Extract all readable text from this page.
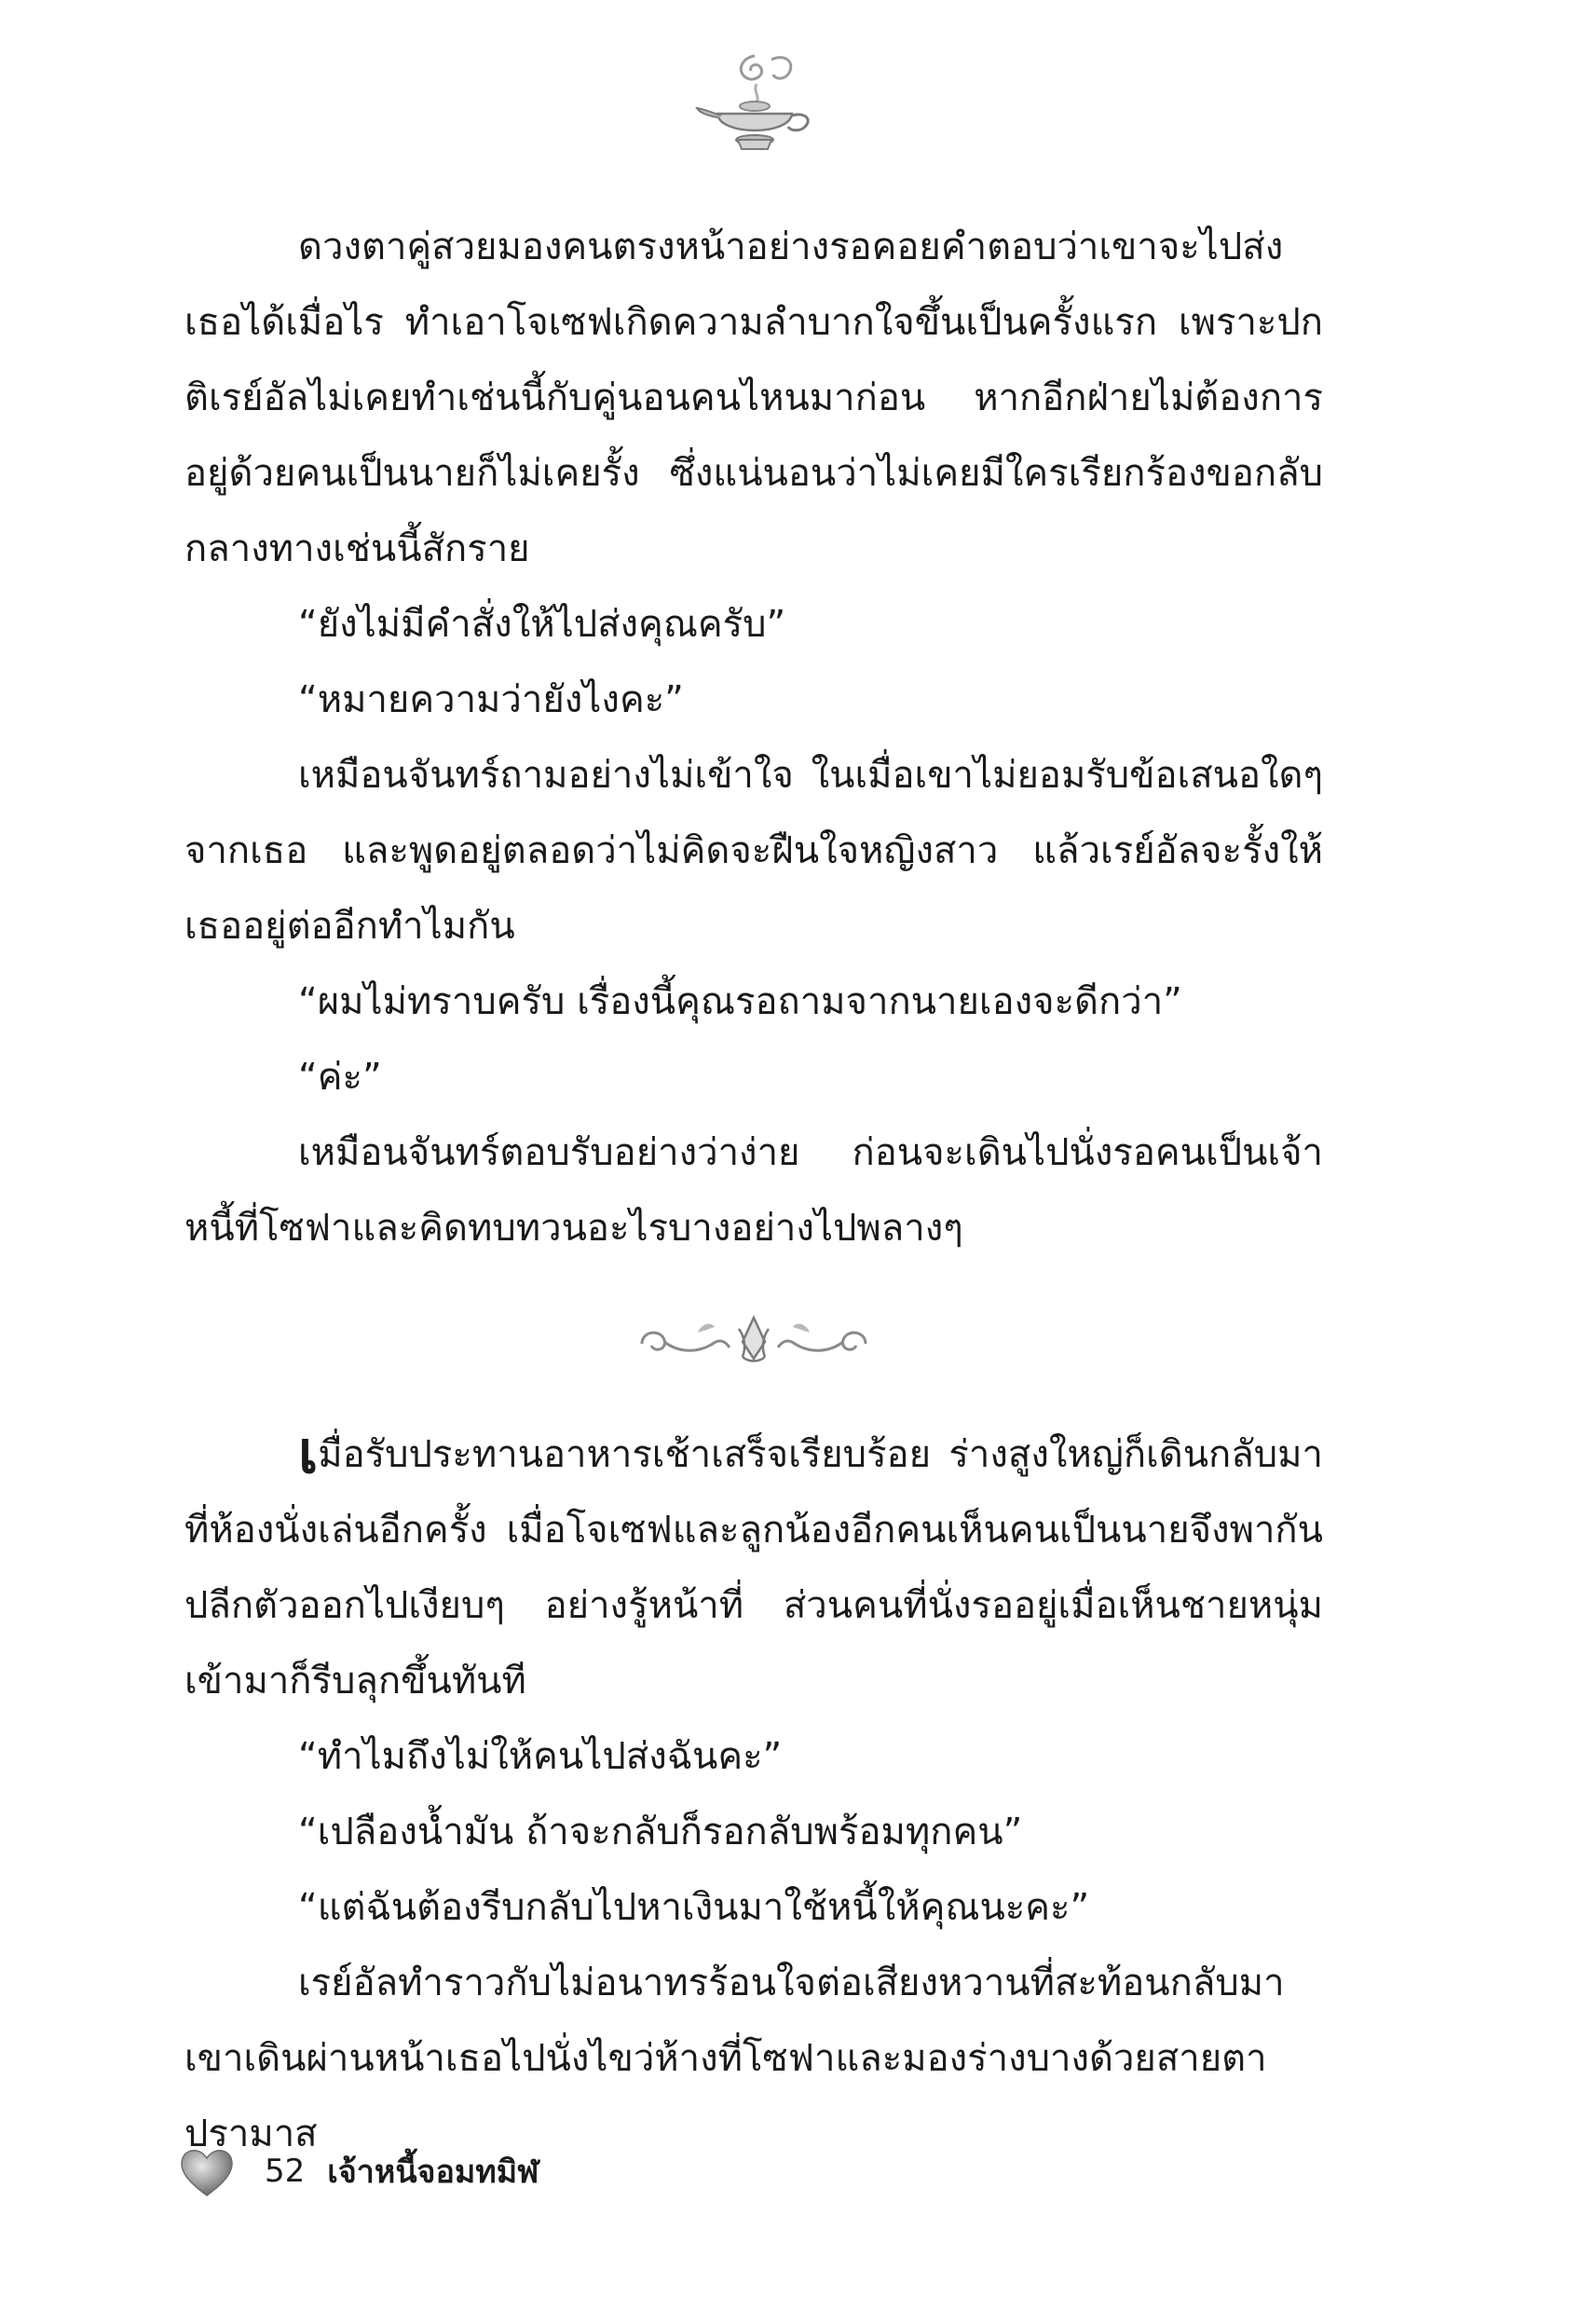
ดวงตาคู่สวยมองคนตรงหน้าอย่างรอคอยคำตอบว่าเขาจะไปส่งเธอได้เมื่อไร ทำเอาโจเซฟเกิดความลำบากใจขึ้นเป็นครั้งแรก เพราะปกติเรย์อัลไม่เคยทำเช่นนี้กับคู่นอนคนไหนมาก่อน หากอีกฝ่ายไม่ต้องการอยู่ด้วยคนเป็นนายก็ไม่เคยรั้ง ซึ่งแน่นอนว่าไม่เคยมีใครเรียกร้องขอกลับกลางทางเช่นนี้สักราย

“ยังไม่มีคำสั่งให้ไปส่งคุณครับ”

“หมายความว่ายังไงคะ”

เหมือนจันทร์ถามอย่างไม่เข้าใจ ในเมื่อเขาไม่ยอมรับข้อเสนอใดๆ จากเธอ และพูดอยู่ตลอดว่าไม่คิดจะฝืนใจหญิงสาว แล้วเรย์อัลจะรั้งให้เธออยู่ต่ออีกทำไมกัน

“ผมไม่ทราบครับ เรื่องนี้คุณรอถามจากนายเองจะดีกว่า”

“ค่ะ”

เหมือนจันทร์ตอบรับอย่างว่าง่าย ก่อนจะเดินไปนั่งรอคนเป็นเจ้าหนี้ที่โซฟาและคิดทบทวนอะไรบางอย่างไปพลางๆ

เมื่อรับประทานอาหารเช้าเสร็จเรียบร้อย ร่างสูงใหญ่ก็เดินกลับมาที่ห้องนั่งเล่นอีกครั้ง เมื่อโจเซฟและลูกน้องอีกคนเห็นคนเป็นนายจึงพากันปลีกตัวออกไปเงียบๆ อย่างรู้หน้าที่ ส่วนคนที่นั่งรออยู่เมื่อเห็นชายหนุ่มเข้ามาก็รีบลุกขึ้นทันที

“ทำไมถึงไม่ให้คนไปส่งฉันคะ”

“เปลืองน้ำมัน ถ้าจะกลับก็รอกลับพร้อมทุกคน”

“แต่ฉันต้องรีบกลับไปหาเงินมาใช้หนี้ให้คุณนะคะ”

เรย์อัลทำราวกับไม่อนาทรร้อนใจต่อเสียงหวานที่สะท้อนกลับมาเขาเดินผ่านหน้าเธอไปนั่งไขว่ห้างที่โซฟาและมองร่างบางด้วยสายตาปรามาส

52 เจ้าหนี้จอมทมิฬ
